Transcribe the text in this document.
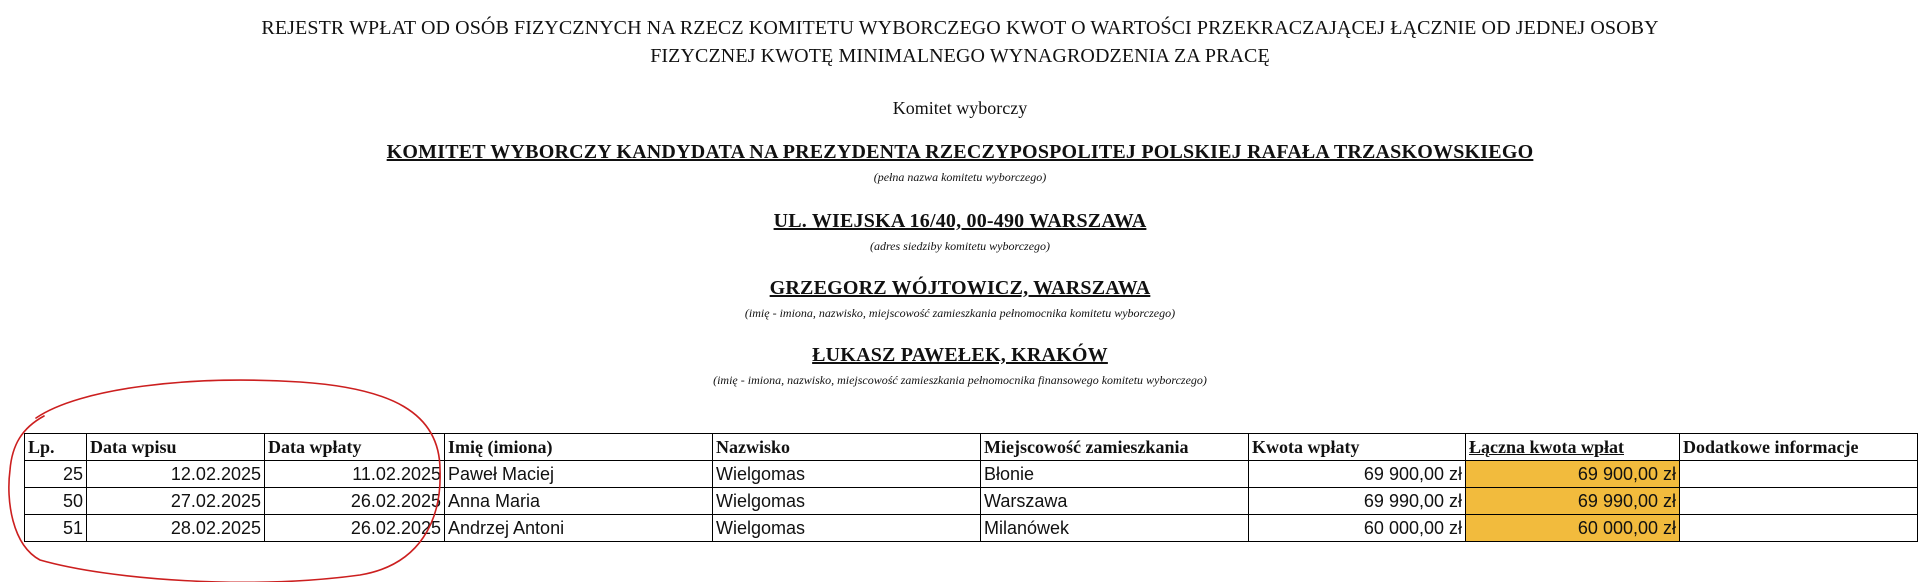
REJESTR WPŁAT OD OSÓB FIZYCZNYCH NA RZECZ KOMITETU WYBORCZEGO KWOT O WARTOŚCI PRZEKRACZAJĄCEJ ŁĄCZNIE OD JEDNEJ OSOBY
FIZYCZNEJ KWOTĘ MINIMALNEGO WYNAGRODZENIA ZA PRACĘ
Komitet wyborczy
KOMITET WYBORCZY KANDYDATA NA PREZYDENTA RZECZYPOSPOLITEJ POLSKIEJ RAFAŁA TRZASKOWSKIEGO
(pełna nazwa komitetu wyborczego)
UL. WIEJSKA 16/40, 00-490 WARSZAWA
(adres siedziby komitetu wyborczego)
GRZEGORZ WÓJTOWICZ, WARSZAWA
(imię - imiona, nazwisko, miejscowość zamieszkania pełnomocnika komitetu wyborczego)
ŁUKASZ PAWEŁEK, KRAKÓW
(imię - imiona, nazwisko, miejscowość zamieszkania pełnomocnika finansowego komitetu wyborczego)
Lp.	Data wpisu	Data wpłaty	Imię (imiona)	Nazwisko	Miejscowość zamieszkania	Kwota wpłaty	Łączna kwota wpłat	Dodatkowe informacje
25	12.02.2025	11.02.2025	Paweł Maciej	Wielgomas	Błonie	69 900,00 zł	69 900,00 zł	
50	27.02.2025	26.02.2025	Anna Maria	Wielgomas	Warszawa	69 990,00 zł	69 990,00 zł	
51	28.02.2025	26.02.2025	Andrzej Antoni	Wielgomas	Milanówek	60 000,00 zł	60 000,00 zł	
